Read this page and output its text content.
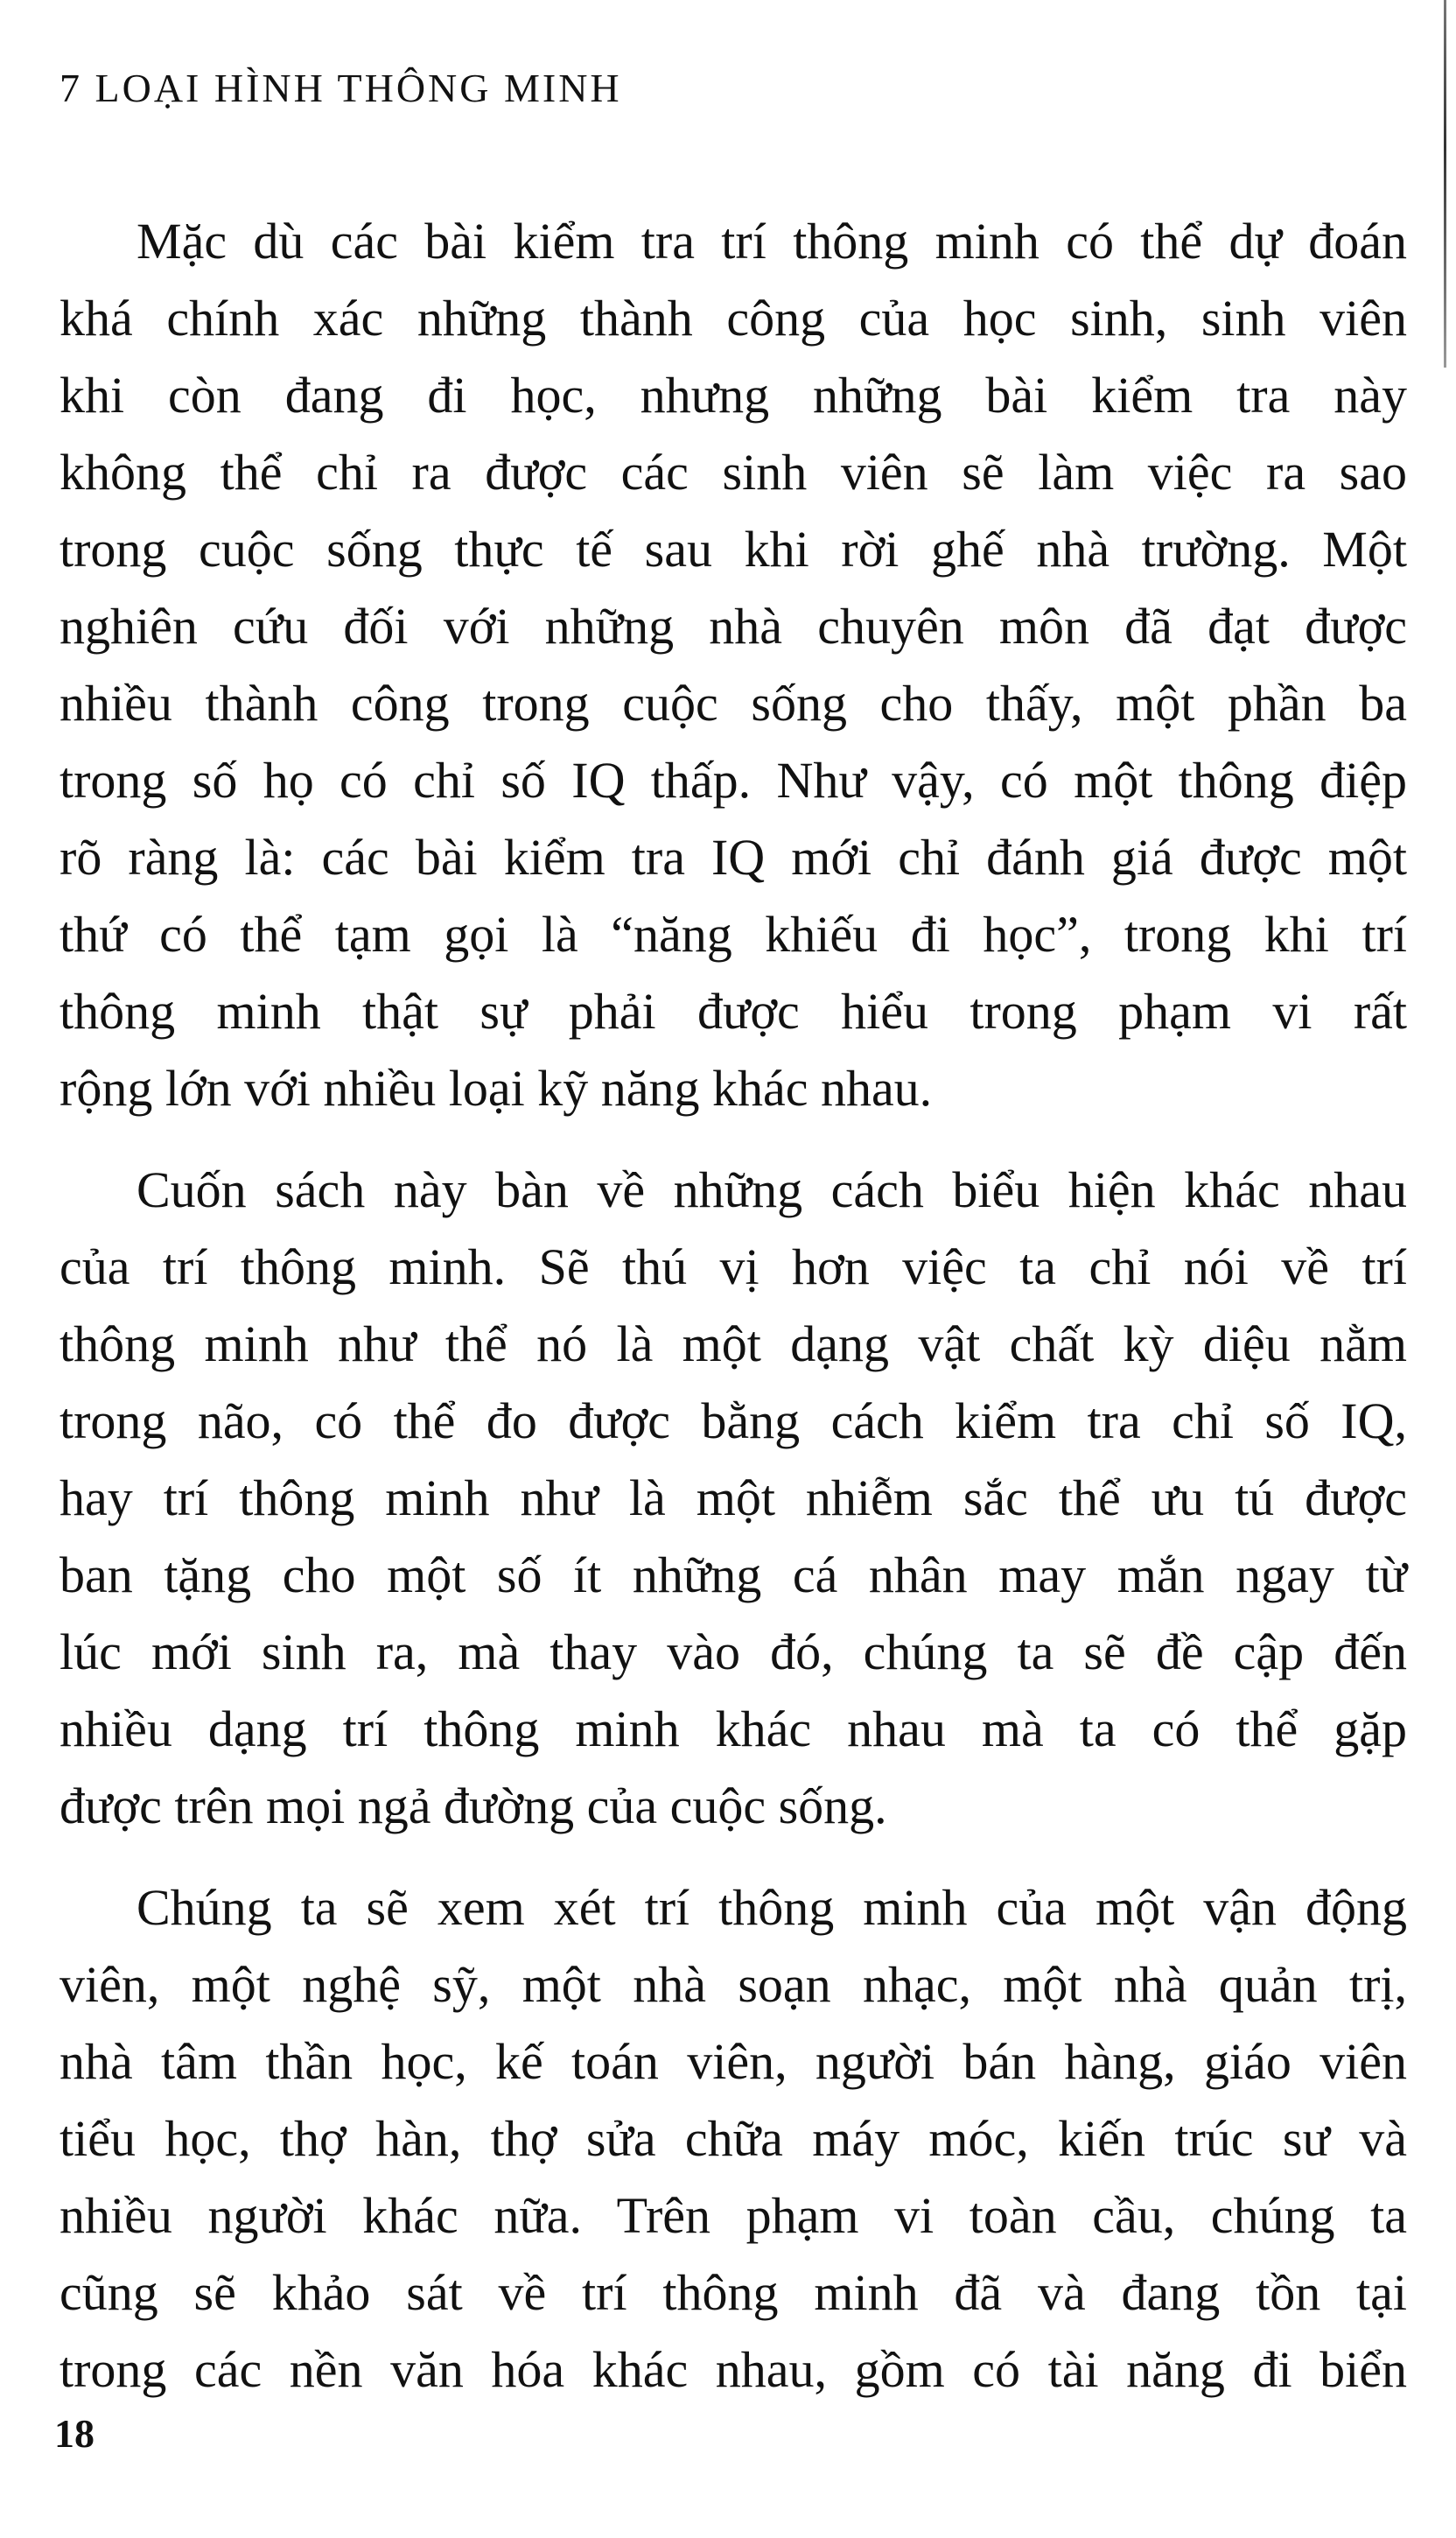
7 LOẠI HÌNH THÔNG MINH
Mặc dù các bài kiểm tra trí thông minh có thể dự đoán
khá chính xác những thành công của học sinh, sinh viên
khi còn đang đi học, nhưng những bài kiểm tra này
không thể chỉ ra được các sinh viên sẽ làm việc ra sao
trong cuộc sống thực tế sau khi rời ghế nhà trường. Một
nghiên cứu đối với những nhà chuyên môn đã đạt được
nhiều thành công trong cuộc sống cho thấy, một phần ba
trong số họ có chỉ số IQ thấp. Như vậy, có một thông điệp
rõ ràng là: các bài kiểm tra IQ mới chỉ đánh giá được một
thứ có thể tạm gọi là “năng khiếu đi học”, trong khi trí
thông minh thật sự phải được hiểu trong phạm vi rất
rộng lớn với nhiều loại kỹ năng khác nhau.
Cuốn sách này bàn về những cách biểu hiện khác nhau
của trí thông minh. Sẽ thú vị hơn việc ta chỉ nói về trí
thông minh như thể nó là một dạng vật chất kỳ diệu nằm
trong não, có thể đo được bằng cách kiểm tra chỉ số IQ,
hay trí thông minh như là một nhiễm sắc thể ưu tú được
ban tặng cho một số ít những cá nhân may mắn ngay từ
lúc mới sinh ra, mà thay vào đó, chúng ta sẽ đề cập đến
nhiều dạng trí thông minh khác nhau mà ta có thể gặp
được trên mọi ngả đường của cuộc sống.
Chúng ta sẽ xem xét trí thông minh của một vận động
viên, một nghệ sỹ, một nhà soạn nhạc, một nhà quản trị,
nhà tâm thần học, kế toán viên, người bán hàng, giáo viên
tiểu học, thợ hàn, thợ sửa chữa máy móc, kiến trúc sư và
nhiều người khác nữa. Trên phạm vi toàn cầu, chúng ta
cũng sẽ khảo sát về trí thông minh đã và đang tồn tại
trong các nền văn hóa khác nhau, gồm có tài năng đi biển
18
